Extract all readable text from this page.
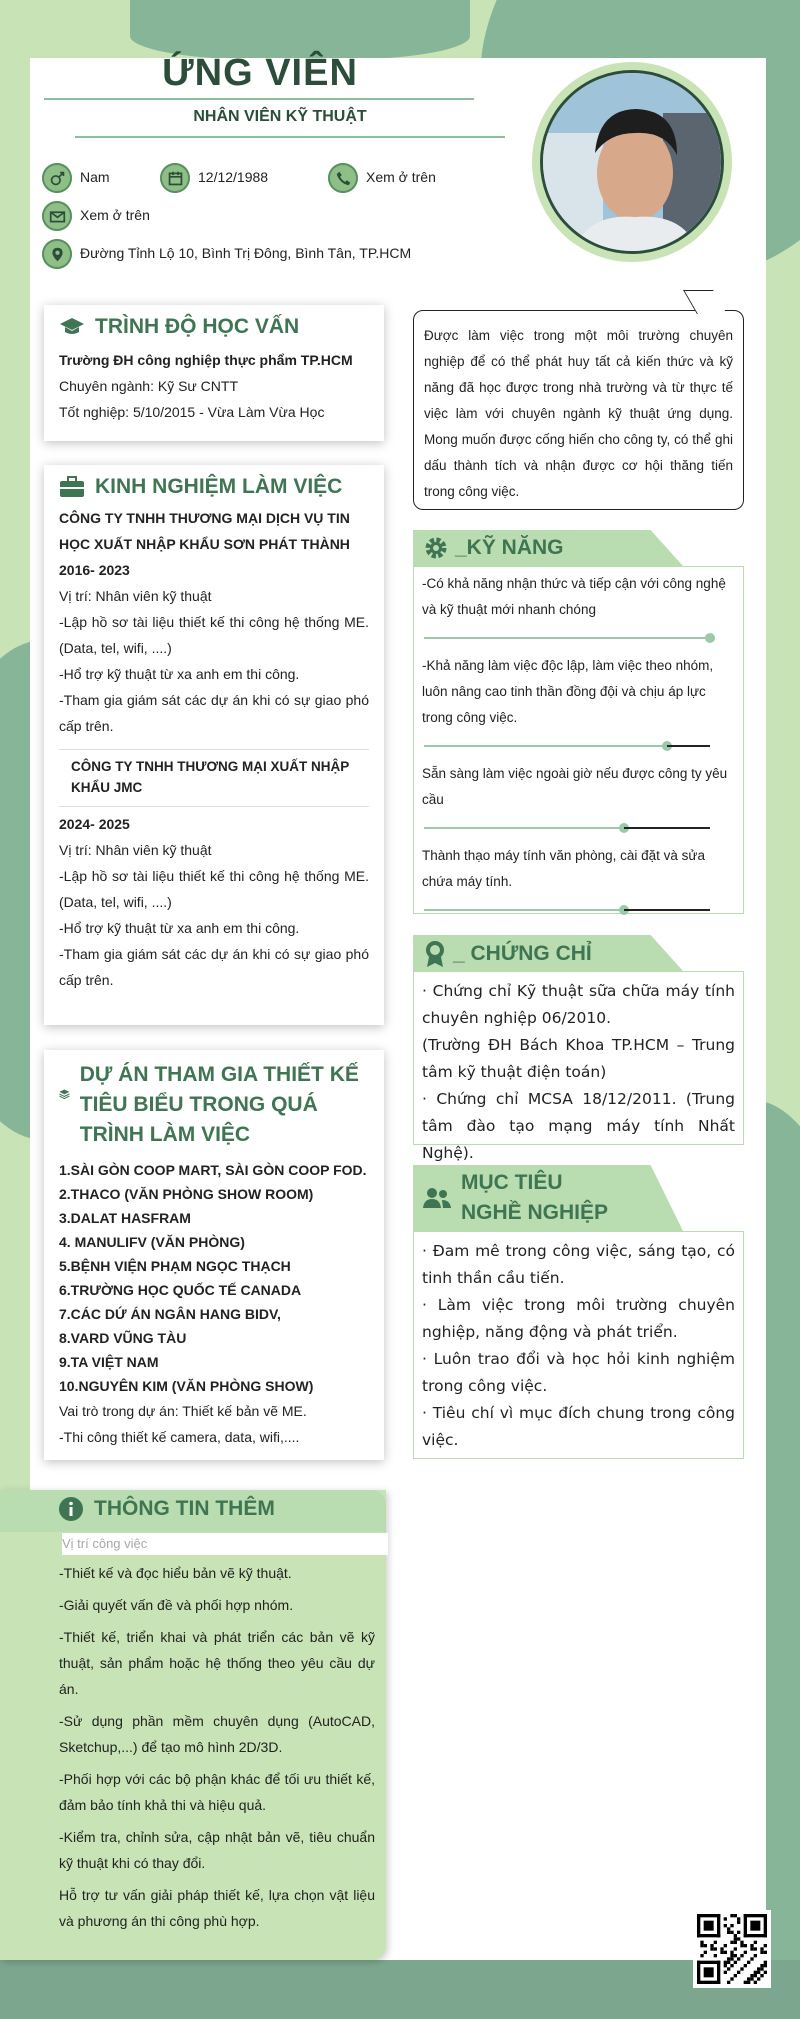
ỨNG VIÊN
NHÂN VIÊN KỸ THUẬT
Nam	12/12/1988	Xem ở trên
Xem ở trên
Đường Tỉnh Lộ 10, Bình Trị Đông, Bình Tân, TP.HCM
Được làm việc trong một môi trường chuyên nghiệp để có thể phát huy tất cả kiến thức và kỹ năng đã học được trong nhà trường và từ thực tế việc làm với chuyên ngành kỹ thuật ứng dụng. Mong muốn được cống hiến cho công ty, có thể ghi dấu thành tích và nhận được cơ hội thăng tiến trong công việc.
TRÌNH ĐỘ HỌC VẤN
Trường ĐH công nghiệp thực phẩm TP.HCM
Chuyên ngành: Kỹ Sư CNTT
Tốt nghiệp: 5/10/2015 - Vừa Làm Vừa Học
KINH NGHIỆM LÀM VIỆC
CÔNG TY TNHH THƯƠNG MẠI DỊCH VỤ TIN HỌC XUẤT NHẬP KHẨU SƠN PHÁT THÀNH
2016- 2023
Vị trí: Nhân viên kỹ thuật
-Lập hồ sơ tài liệu thiết kế thi công hệ thống ME. (Data, tel, wifi, ....)
-Hổ trợ kỹ thuật từ xa anh em thi công.
-Tham gia giám sát các dự án khi có sự giao phó cấp trên.
CÔNG TY TNHH THƯƠNG MẠI XUẤT NHẬP KHẨU JMC
2024- 2025
Vị trí: Nhân viên kỹ thuật
-Lập hồ sơ tài liệu thiết kế thi công hệ thống ME. (Data, tel, wifi, ....)
-Hổ trợ kỹ thuật từ xa anh em thi công.
-Tham gia giám sát các dự án khi có sự giao phó cấp trên.
DỰ ÁN THAM GIA THIẾT KẾ TIÊU BIỂU TRONG QUÁ TRÌNH LÀM VIỆC
1.SÀI GÒN COOP MART, SÀI GÒN COOP FOD.
2.THACO (VĂN PHÒNG SHOW ROOM)
3.DALAT HASFRAM
4. MANULIFV (VĂN PHÒNG)
5.BỆNH VIỆN PHẠM NGỌC THẠCH
6.TRƯỜNG HỌC QUỐC TẾ CANADA
7.CÁC DỨ ÁN NGÂN HANG BIDV,
8.VARD VŨNG TÀU
9.TA VIỆT NAM
10.NGUYÊN KIM (VĂN PHÒNG SHOW)
Vai trò trong dự án: Thiết kế bản vẽ ME.
-Thi công thiết kế camera, data, wifi,....
THÔNG TIN THÊM
Vị trí công việc
-Thiết kế và đọc hiểu bản vẽ kỹ thuật.
-Giải quyết vấn đề và phối hợp nhóm.
-Thiết kế, triển khai và phát triển các bản vẽ kỹ thuật, sản phẩm hoặc hệ thống theo yêu cầu dự án.
-Sử dụng phần mềm chuyên dụng (AutoCAD, Sketchup,...) để tạo mô hình 2D/3D.
-Phối hợp với các bộ phận khác để tối ưu thiết kế, đảm bảo tính khả thi và hiệu quả.
-Kiểm tra, chỉnh sửa, cập nhật bản vẽ, tiêu chuẩn kỹ thuật khi có thay đổi.
Hỗ trợ tư vấn giải pháp thiết kế, lựa chọn vật liệu và phương án thi công phù hợp.
_KỸ NĂNG
-Có khả năng nhận thức và tiếp cận với công nghệ và kỹ thuật mới nhanh chóng
-Khả năng làm việc độc lập, làm việc theo nhóm, luôn nâng cao tinh thần đồng đội và chịu áp lực trong công việc.
Sẵn sàng làm việc ngoài giờ nếu được công ty yêu cầu
Thành thạo máy tính văn phòng, cài đặt và sửa chứa máy tính.
_ CHỨNG CHỈ
· Chứng chỉ Kỹ thuật sữa chữa máy tính chuyên nghiệp 06/2010.
(Trường ĐH Bách Khoa TP.HCM – Trung tâm kỹ thuật điện toán)
· Chứng chỉ MCSA 18/12/2011. (Trung tâm đào tạo mạng máy tính Nhất Nghệ).
MỤC TIÊU NGHỀ NGHIỆP
· Đam mê trong công việc, sáng tạo, có tinh thần cầu tiến.
· Làm việc trong môi trường chuyên nghiệp, năng động và phát triển.
· Luôn trao đổi và học hỏi kinh nghiệm trong công việc.
· Tiêu chí vì mục đích chung trong công việc.
